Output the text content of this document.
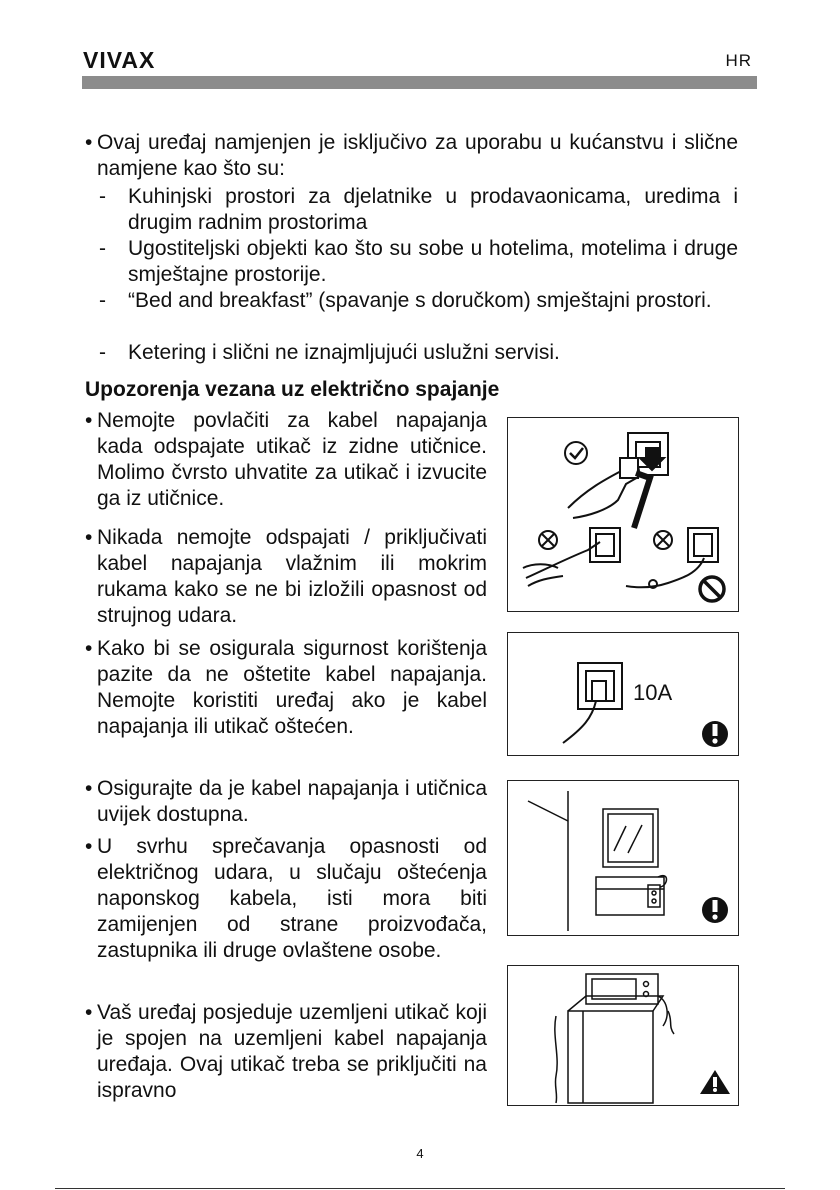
VIVAX	HR
• Ovaj uređaj namjenjen je isključivo za uporabu u kućanstvu i slične namjene kao što su:

- Kuhinjski prostori za djelatnike u prodavaonicama, uredima i drugim radnim prostorima

- Ugostiteljski objekti kao što su sobe u hotelima, motelima i druge smještajne prostorije.

- “Bed and breakfast” (spavanje s doručkom) smještajni prostori.

- Ketering i slični ne iznajmljujući uslužni servisi.

Upozorenja vezana uz električno spajanje
• Nemojte povlačiti za kabel napajanja kada odspajate utikač iz zidne utičnice. Molimo čvrsto uhvatite za utikač i izvucite ga iz utičnice.

• Nikada nemojte odspajati / priključivati kabel napajanja vlažnim ili mokrim rukama kako se ne bi izložili opasnost od strujnog udara.

• Kako bi se osigurala sigurnost korištenja pazite da ne oštetite kabel napajanja. Nemojte koristiti uređaj ako je kabel napajanja ili utikač oštećen.

• Osigurajte da je kabel napajanja i utičnica uvijek dostupna.

• U svrhu sprečavanja opasnosti od električnog udara, u slučaju oštećenja naponskog kabela, isti mora biti zamijenjen od strane proizvođača, zastupnika ili druge ovlaštene osobe.

• Vaš uređaj posjeduje uzemljeni utikač koji je spojen na uzemljeni kabel napajanja uređaja. Ovaj utikač treba se priključiti na ispravno

10A
4
